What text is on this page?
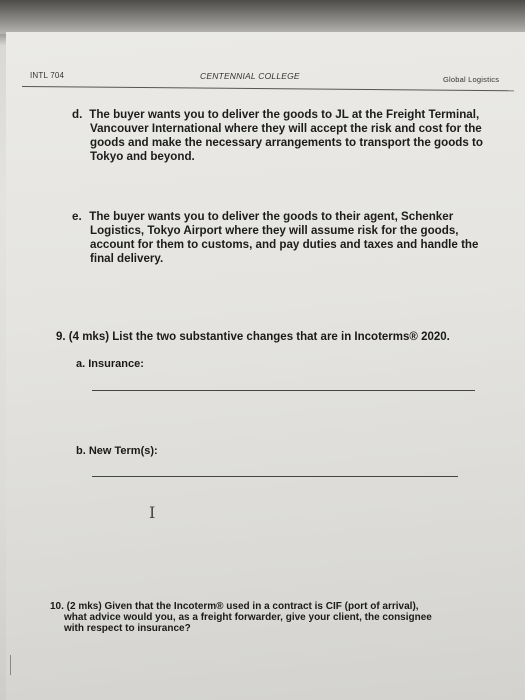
INTL 704	CENTENNIAL COLLEGE	Global Logistics
d. The buyer wants you to deliver the goods to JL at the Freight Terminal,
Vancouver International where they will accept the risk and cost for the
goods and make the necessary arrangements to transport the goods to
Tokyo and beyond.
e. The buyer wants you to deliver the goods to their agent, Schenker
Logistics, Tokyo Airport where they will assume risk for the goods,
account for them to customs, and pay duties and taxes and handle the
final delivery.
9. (4 mks) List the two substantive changes that are in Incoterms® 2020.
a. Insurance:
b. New Term(s):
I
10. (2 mks) Given that the Incoterm® used in a contract is CIF (port of arrival),
what advice would you, as a freight forwarder, give your client, the consignee
with respect to insurance?
